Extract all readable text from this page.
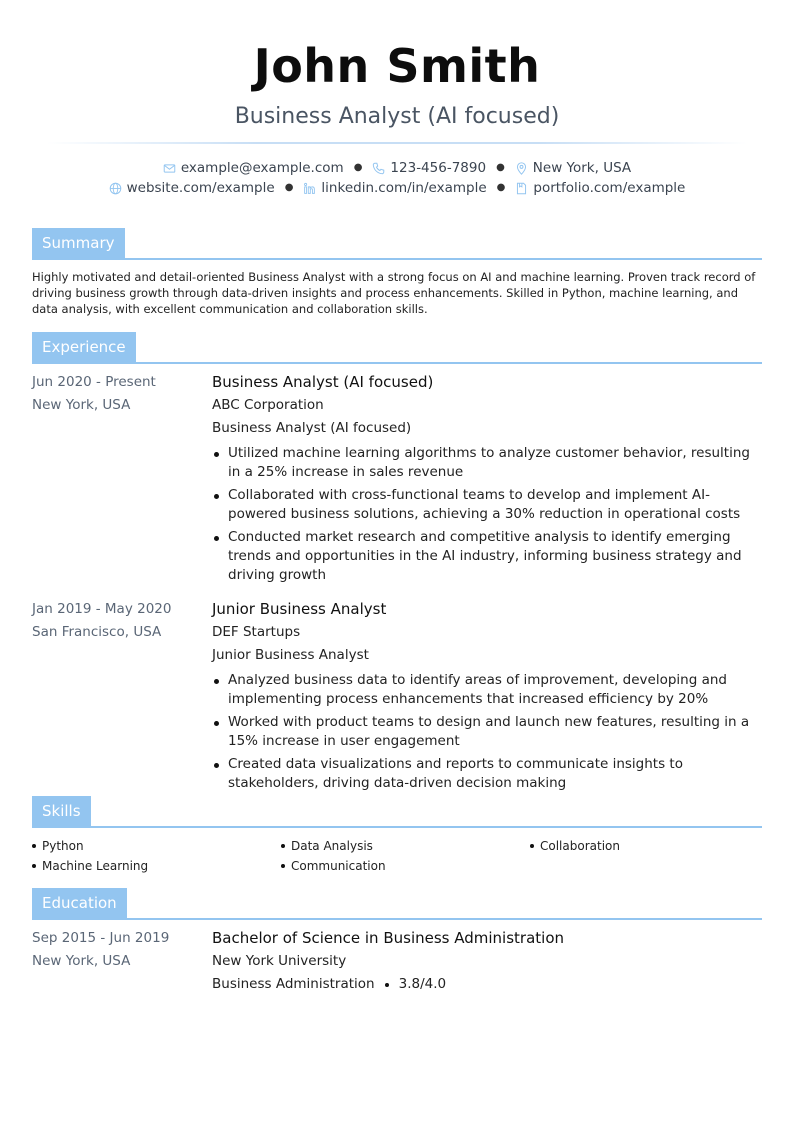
John Smith
Business Analyst (AI focused)
example@example.com ● 123-456-7890 ● New York, USA
website.com/example ● linkedin.com/in/example ● portfolio.com/example
Summary

Highly motivated and detail-oriented Business Analyst with a strong focus on AI and machine learning. Proven track record of driving business growth through data-driven insights and process enhancements. Skilled in Python, machine learning, and data analysis, with excellent communication and collaboration skills.

Experience
Jun 2020 - Present
New York, USA
Business Analyst (AI focused)
ABC Corporation
Business Analyst (AI focused)
Utilized machine learning algorithms to analyze customer behavior, resulting in a 25% increase in sales revenue
Collaborated with cross-functional teams to develop and implement AI-powered business solutions, achieving a 30% reduction in operational costs
Conducted market research and competitive analysis to identify emerging trends and opportunities in the AI industry, informing business strategy and driving growth
Jan 2019 - May 2020
San Francisco, USA
Junior Business Analyst
DEF Startups
Junior Business Analyst
Analyzed business data to identify areas of improvement, developing and implementing process enhancements that increased efficiency by 20%
Worked with product teams to design and launch new features, resulting in a 15% increase in user engagement
Created data visualizations and reports to communicate insights to stakeholders, driving data-driven decision making
Skills
Python	Data Analysis	Collaboration
Machine Learning	Communication
Education
Sep 2015 - Jun 2019
New York, USA
Bachelor of Science in Business Administration
New York University
Business Administration 3.8/4.0
